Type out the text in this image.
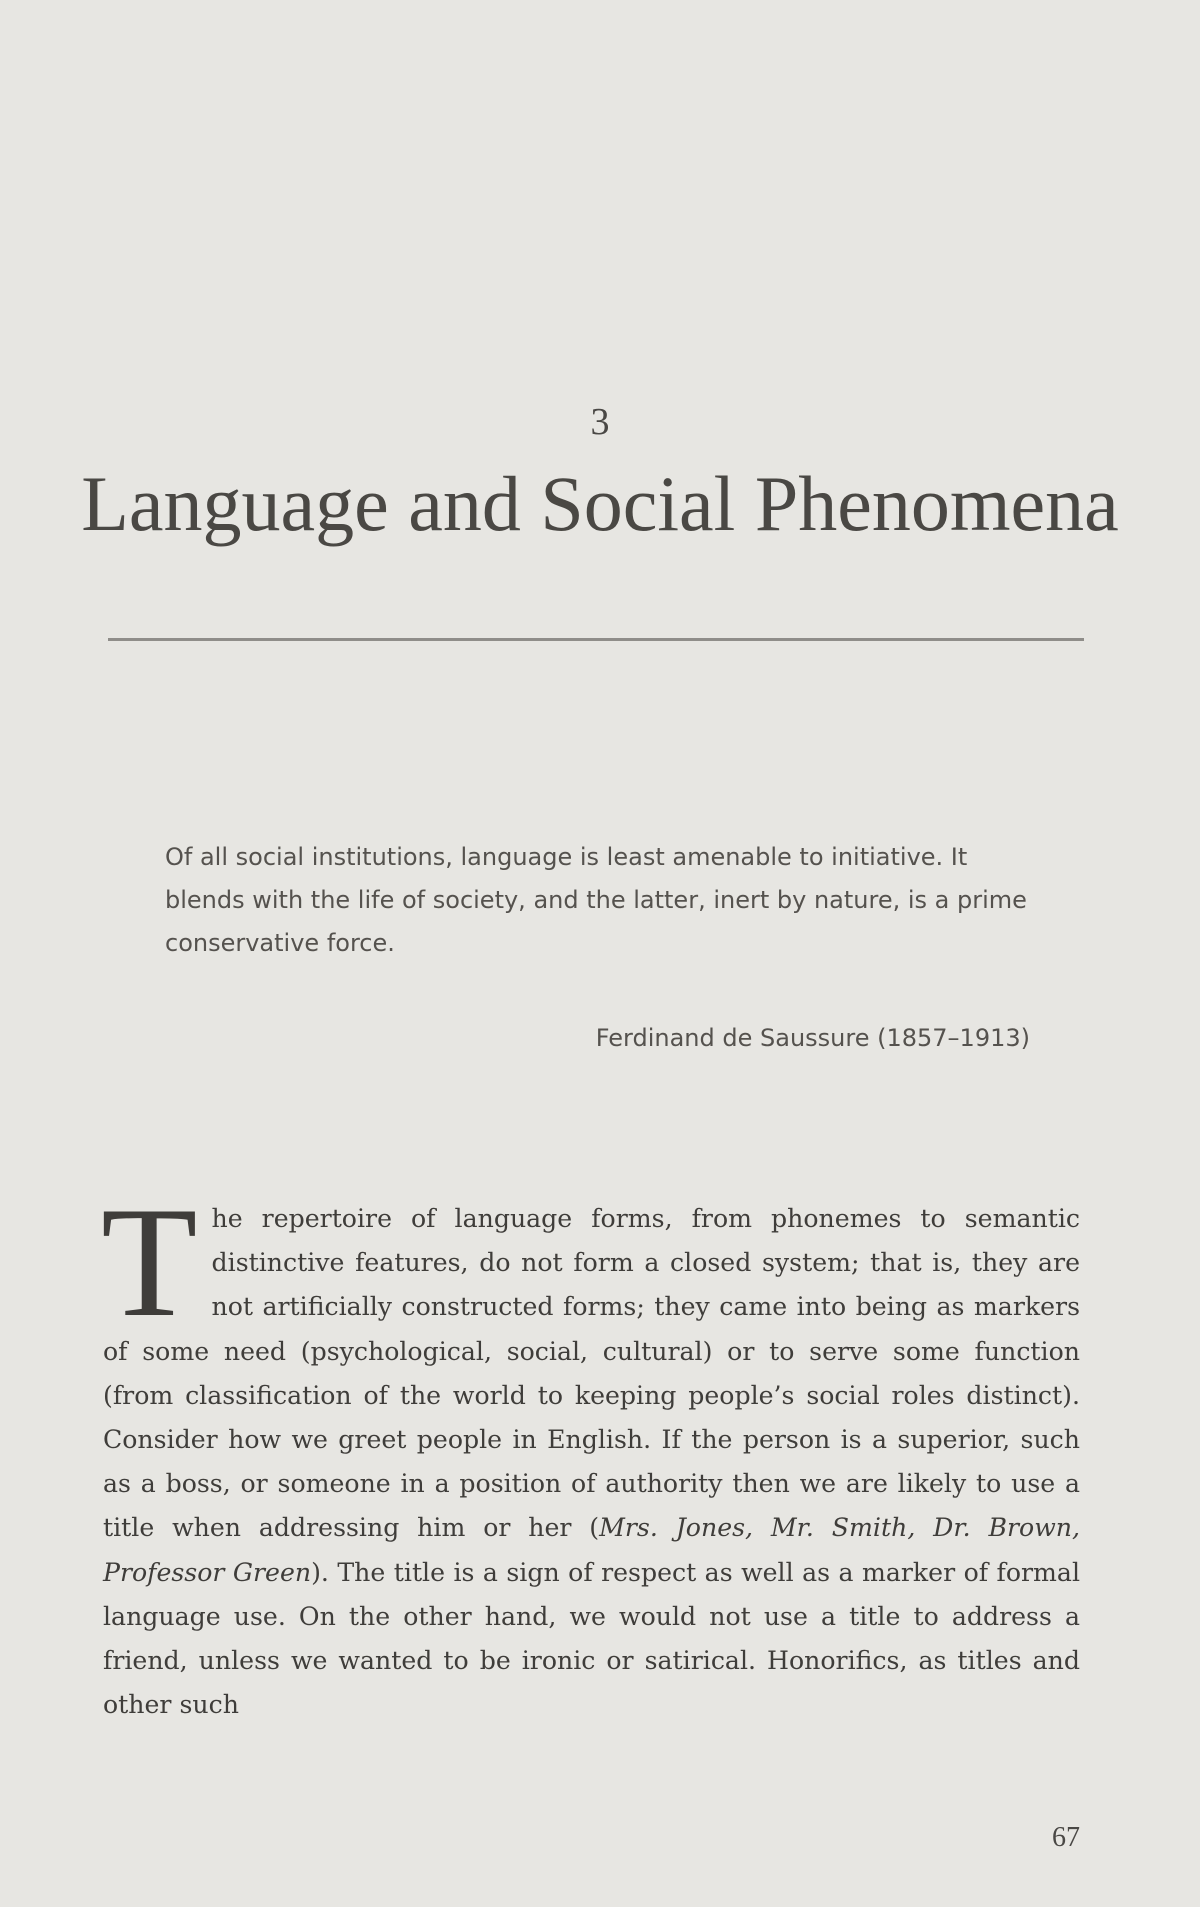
3
Language and Social Phenomena

Of all social institutions, language is least amenable to initiative. It blends with the life of society, and the latter, inert by nature, is a prime conservative force.

Ferdinand de Saussure (1857–1913)

The repertoire of language forms, from phonemes to semantic distinctive features, do not form a closed system; that is, they are not artificially constructed forms; they came into being as markers of some need (psychological, social, cultural) or to serve some function (from classification of the world to keeping people’s social roles distinct). Consider how we greet people in English. If the person is a superior, such as a boss, or someone in a position of authority then we are likely to use a title when addressing him or her (Mrs. Jones, Mr. Smith, Dr. Brown, Professor Green). The title is a sign of respect as well as a marker of formal language use. On the other hand, we would not use a title to address a friend, unless we wanted to be ironic or satirical. Honorifics, as titles and other such

67
